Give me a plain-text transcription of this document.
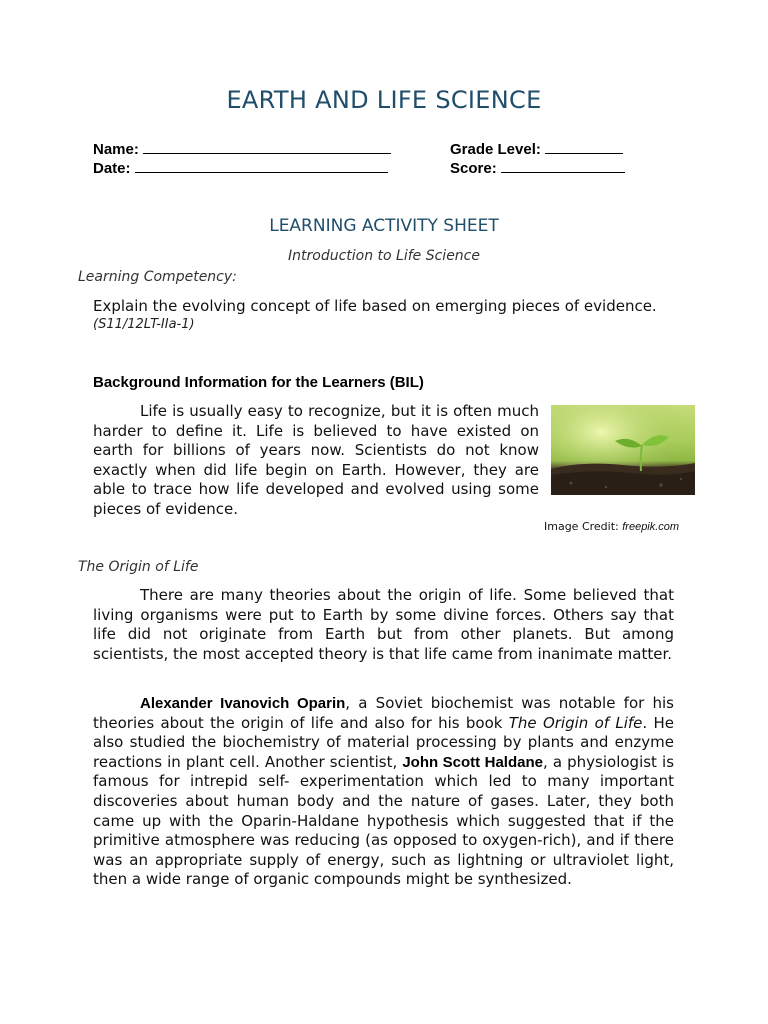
EARTH AND LIFE SCIENCE
Name:	Grade Level:
Date:	Score:
LEARNING ACTIVITY SHEET
Introduction to Life Science
Learning Competency:
Explain the evolving concept of life based on emerging pieces of evidence.
(S11/12LT-IIa-1)
Background Information for the Learners (BIL)
Life is usually easy to recognize, but it is often much harder to define it. Life is believed to have existed on earth for billions of years now. Scientists do not know exactly when did life begin on Earth. However, they are able to trace how life developed and evolved using some pieces of evidence.
Image Credit: freepik.com
The Origin of Life
There are many theories about the origin of life. Some believed that living organisms were put to Earth by some divine forces. Others say that life did not originate from Earth but from other planets. But among scientists, the most accepted theory is that life came from inanimate matter.
Alexander Ivanovich Oparin, a Soviet biochemist was notable for his theories about the origin of life and also for his book The Origin of Life. He also studied the biochemistry of material processing by plants and enzyme reactions in plant cell. Another scientist, John Scott Haldane, a physiologist is famous for intrepid self- experimentation which led to many important discoveries about human body and the nature of gases. Later, they both came up with the Oparin-Haldane hypothesis which suggested that if the primitive atmosphere was reducing (as opposed to oxygen-rich), and if there was an appropriate supply of energy, such as lightning or ultraviolet light, then a wide range of organic compounds might be synthesized.
